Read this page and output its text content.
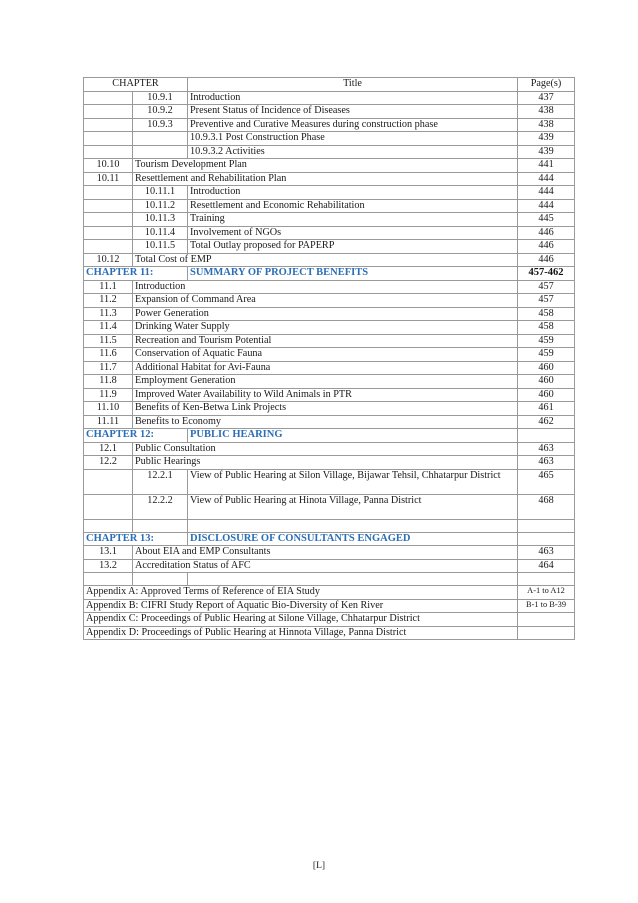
CHAPTER		Title	Page(s)
	10.9.1	Introduction	437
	10.9.2	Present Status of Incidence of Diseases	438
	10.9.3	Preventive and Curative Measures during construction phase	438
		10.9.3.1 Post Construction Phase	439
		10.9.3.2 Activities	439
10.10	Tourism Development Plan		441
10.11	Resettlement and Rehabilitation Plan		444
	10.11.1	Introduction	444
	10.11.2	Resettlement and Economic Rehabilitation	444
	10.11.3	Training	445
	10.11.4	Involvement of NGOs	446
	10.11.5	Total Outlay proposed for PAPERP	446
10.12	Total Cost of EMP		446
CHAPTER 11:		SUMMARY OF PROJECT BENEFITS	457-462
11.1	Introduction		457
11.2	Expansion of Command Area		457
11.3	Power Generation		458
11.4	Drinking Water Supply		458
11.5	Recreation and Tourism Potential		459
11.6	Conservation of Aquatic Fauna		459
11.7	Additional Habitat for Avi-Fauna		460
11.8	Employment Generation		460
11.9	Improved Water Availability to Wild Animals in PTR		460
11.10	Benefits of Ken-Betwa Link Projects		461
11.11	Benefits to Economy		462
CHAPTER 12:		PUBLIC HEARING	
12.1	Public Consultation		463
12.2	Public Hearings		463
	12.2.1	View of Public Hearing at Silon Village, Bijawar Tehsil, Chhatarpur District	465
	12.2.2	View of Public Hearing at Hinota Village, Panna District	468

CHAPTER 13:		DISCLOSURE OF CONSULTANTS ENGAGED	
13.1	About EIA and EMP Consultants		463
13.2	Accreditation Status of AFC		464

Appendix A: Approved Terms of Reference of EIA Study			A-1 to A12
Appendix B: CIFRI Study Report of Aquatic Bio-Diversity of Ken River			B-1 to B-39
Appendix C: Proceedings of Public Hearing at Silone Village, Chhatarpur District			
Appendix D: Proceedings of Public Hearing at Hinnota Village, Panna District			
[L]
